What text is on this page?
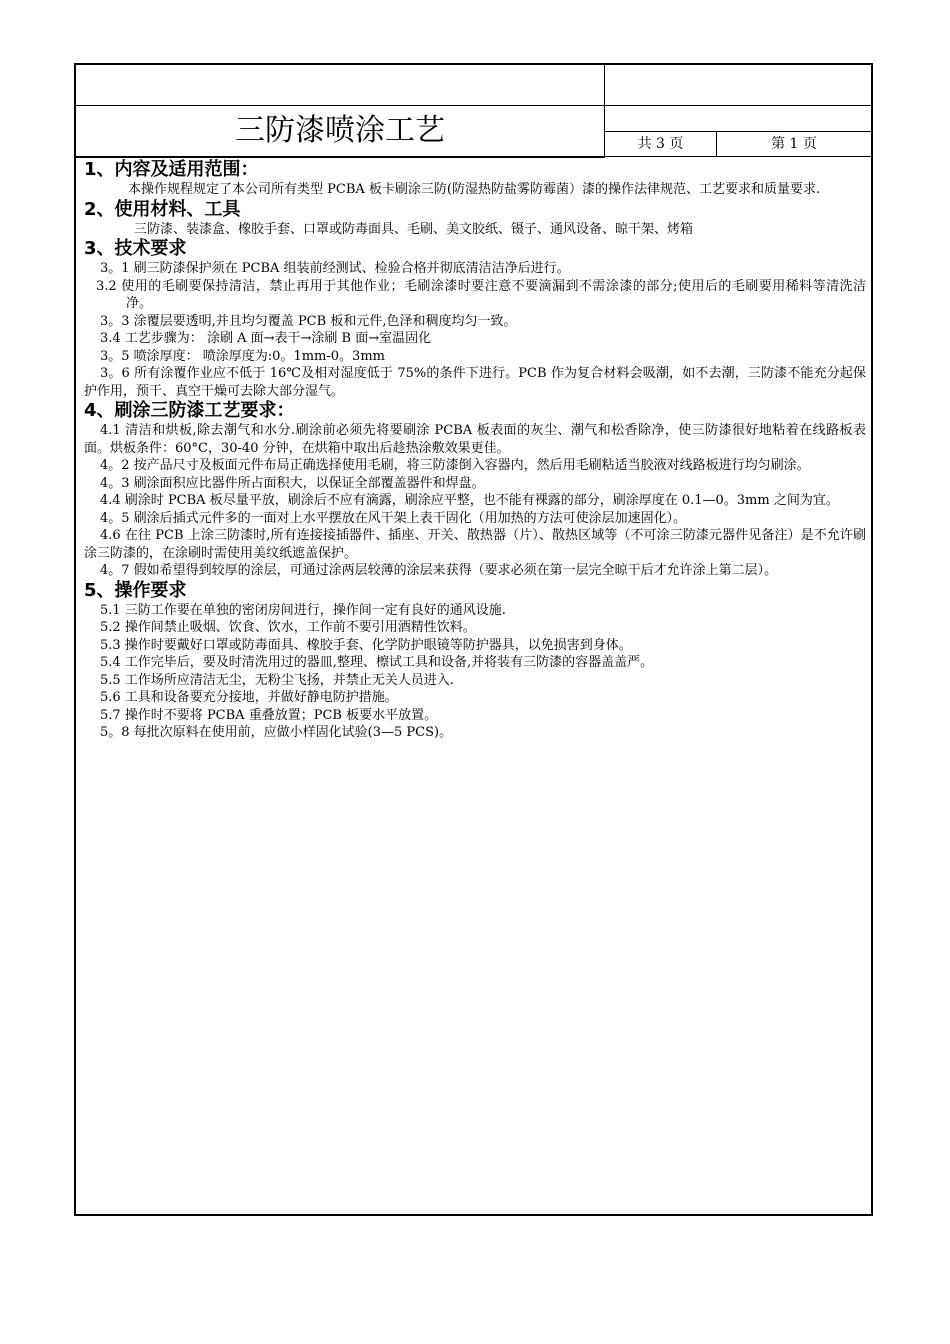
三防漆喷涂工艺	共 3 页	第 1 页

1、内容及适用范围：

本操作规程规定了本公司所有类型 PCBA 板卡刷涂三防(防湿热防盐雾防霉菌）漆的操作法律规范、工艺要求和质量要求.

2、使用材料、工具

三防漆、装漆盒、橡胶手套、口罩或防毒面具、毛刷、美文胶纸、镊子、通风设备、晾干架、烤箱

3、技术要求

3。1 刷三防漆保护须在 PCBA 组装前经测试、检验合格并彻底清洁洁净后进行。

3.2 使用的毛刷要保持清洁，禁止再用于其他作业；毛刷涂漆时要注意不要滴漏到不需涂漆的部分;使用后的毛刷要用稀料等清洗洁净。

3。3 涂覆层要透明,并且均匀覆盖 PCB 板和元件,色泽和稠度均匀一致。

3.4 工艺步骤为： 涂刷 A 面→表干→涂刷 B 面→室温固化

3。5 喷涂厚度： 喷涂厚度为:0。1mm-0。3mm

3。6 所有涂覆作业应不低于 16℃及相对湿度低于 75%的条件下进行。PCB 作为复合材料会吸潮，如不去潮，三防漆不能充分起保护作用，预干、真空干燥可去除大部分湿气。

4、刷涂三防漆工艺要求：

4.1 清洁和烘板,除去潮气和水分.刷涂前必须先将要刷涂 PCBA 板表面的灰尘、潮气和松香除净，使三防漆很好地粘着在线路板表面。烘板条件：60°C，30-40 分钟，在烘箱中取出后趁热涂敷效果更佳。

4。2 按产品尺寸及板面元件布局正确选择使用毛刷，将三防漆倒入容器内，然后用毛刷粘适当胶液对线路板进行均匀刷涂。

4。3 刷涂面积应比器件所占面积大，以保证全部覆盖器件和焊盘。

4.4 刷涂时 PCBA 板尽量平放，刷涂后不应有滴露，刷涂应平整，也不能有裸露的部分，刷涂厚度在 0.1—0。3mm 之间为宜。

4。5 刷涂后插式元件多的一面对上水平摆放在风干架上表干固化（用加热的方法可使涂层加速固化）。

4.6 在往 PCB 上涂三防漆时,所有连接接插器件、插座、开关、散热器（片）、散热区域等（不可涂三防漆元器件见备注）是不允许刷涂三防漆的，在涂刷时需使用美纹纸遮盖保护。

4。7 假如希望得到较厚的涂层，可通过涂两层较薄的涂层来获得（要求必须在第一层完全晾干后才允许涂上第二层）。

5、操作要求

5.1 三防工作要在单独的密闭房间进行，操作间一定有良好的通风设施.

5.2 操作间禁止吸烟、饮食、饮水，工作前不要引用酒精性饮料。

5.3 操作时要戴好口罩或防毒面具、橡胶手套、化学防护眼镜等防护器具，以免损害到身体。

5.4 工作完毕后，要及时清洗用过的器皿,整理、檫试工具和设备,并将装有三防漆的容器盖盖严。

5.5 工作场所应清洁无尘，无粉尘飞扬，并禁止无关人员进入.

5.6 工具和设备要充分接地，并做好静电防护措施。

5.7 操作时不要将 PCBA 重叠放置；PCB 板要水平放置。

5。8 每批次原料在使用前，应做小样固化试验(3—5 PCS)。
